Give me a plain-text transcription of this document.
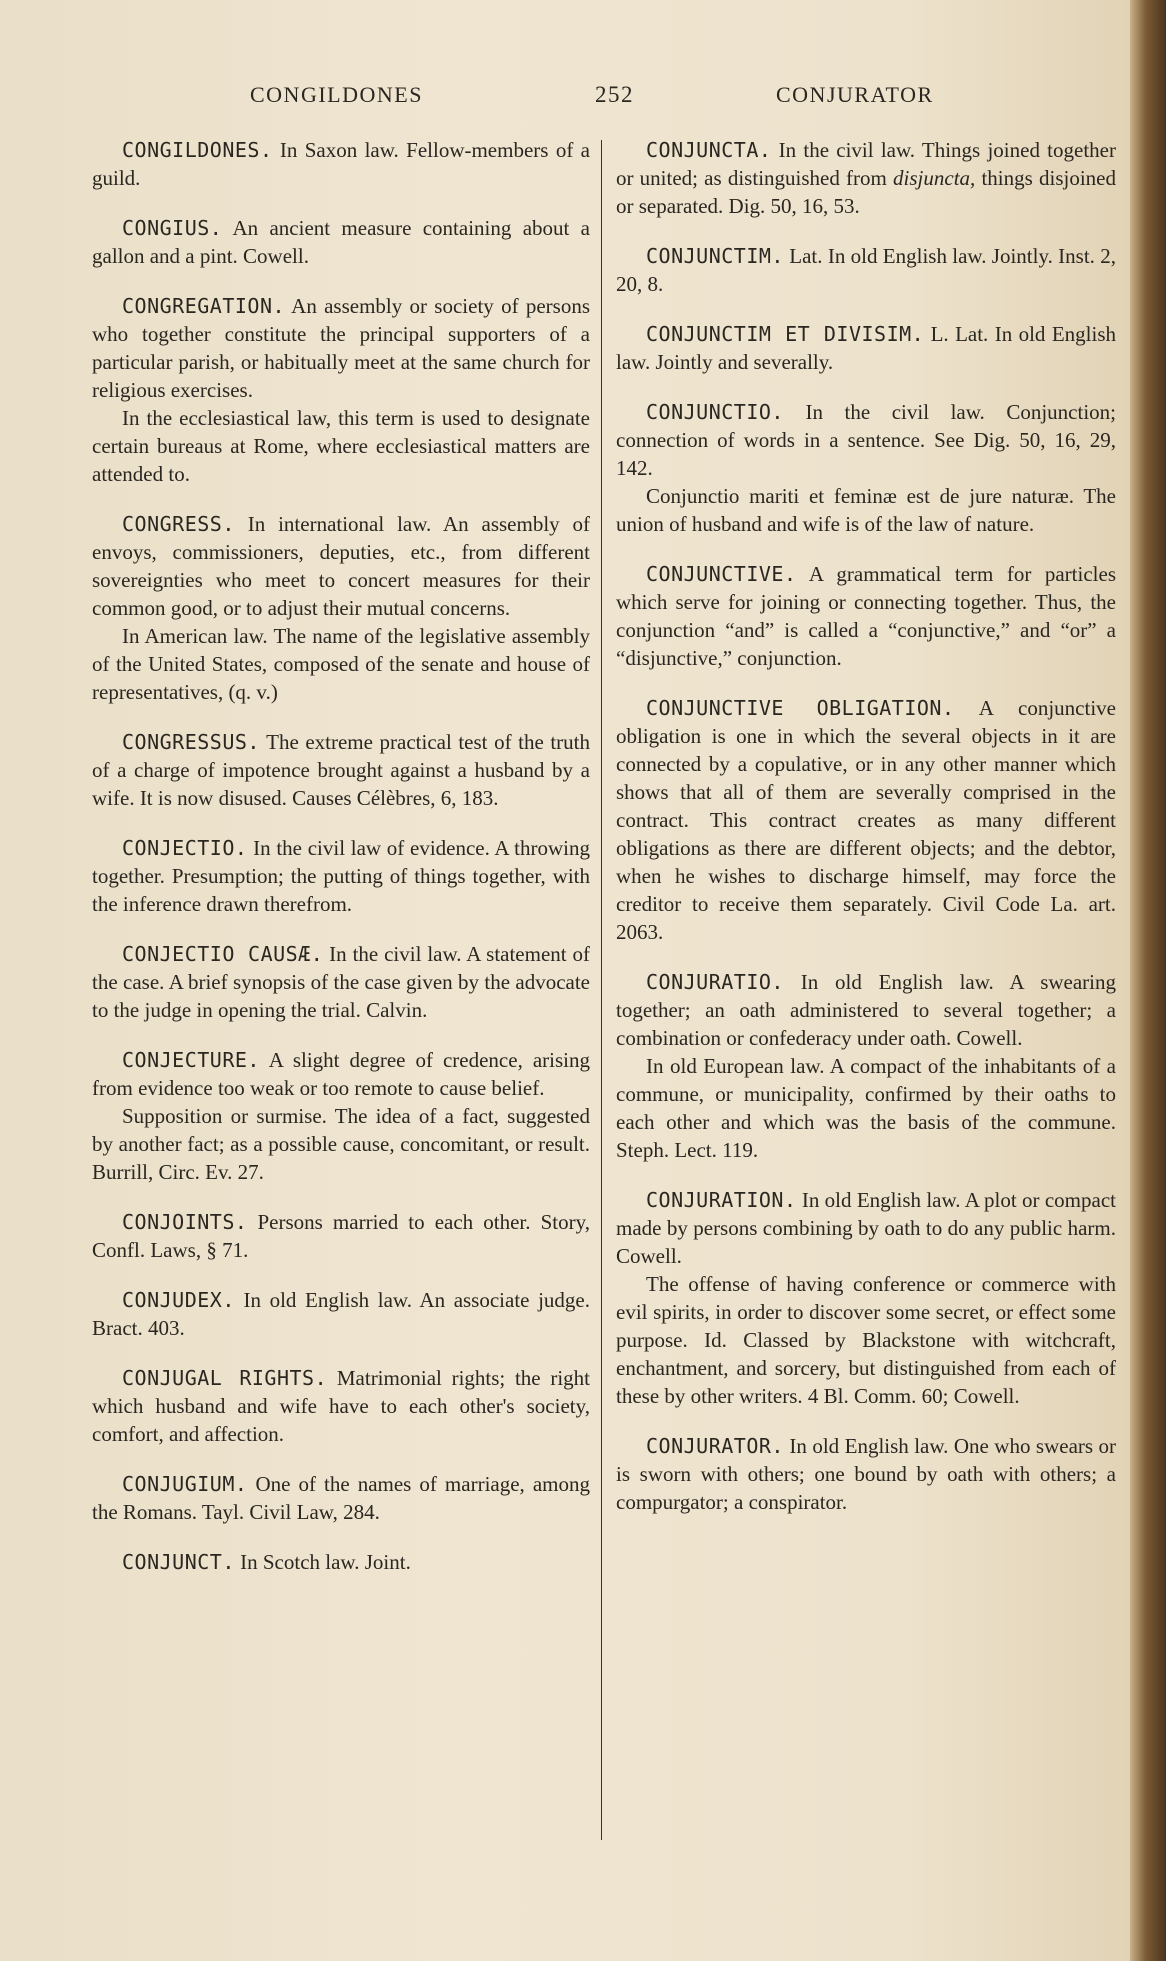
CONGILDONES	252	CONJURATOR

CONGILDONES. In Saxon law. Fellow-members of a guild.

CONGIUS. An ancient measure containing about a gallon and a pint. Cowell.

CONGREGATION. An assembly or society of persons who together constitute the principal supporters of a particular parish, or habitually meet at the same church for religious exercises.

In the ecclesiastical law, this term is used to designate certain bureaus at Rome, where ecclesiastical matters are attended to.

CONGRESS. In international law. An assembly of envoys, commissioners, deputies, etc., from different sovereignties who meet to concert measures for their common good, or to adjust their mutual concerns.

In American law. The name of the legislative assembly of the United States, composed of the senate and house of representatives, (q. v.)

CONGRESSUS. The extreme practical test of the truth of a charge of impotence brought against a husband by a wife. It is now disused. Causes Célèbres, 6, 183.

CONJECTIO. In the civil law of evidence. A throwing together. Presumption; the putting of things together, with the inference drawn therefrom.

CONJECTIO CAUSÆ. In the civil law. A statement of the case. A brief synopsis of the case given by the advocate to the judge in opening the trial. Calvin.

CONJECTURE. A slight degree of credence, arising from evidence too weak or too remote to cause belief.

Supposition or surmise. The idea of a fact, suggested by another fact; as a possible cause, concomitant, or result. Burrill, Circ. Ev. 27.

CONJOINTS. Persons married to each other. Story, Confl. Laws, § 71.

CONJUDEX. In old English law. An associate judge. Bract. 403.

CONJUGAL RIGHTS. Matrimonial rights; the right which husband and wife have to each other's society, comfort, and affection.

CONJUGIUM. One of the names of marriage, among the Romans. Tayl. Civil Law, 284.

CONJUNCT. In Scotch law. Joint.

CONJUNCTA. In the civil law. Things joined together or united; as distinguished from disjuncta, things disjoined or separated. Dig. 50, 16, 53.

CONJUNCTIM. Lat. In old English law. Jointly. Inst. 2, 20, 8.

CONJUNCTIM ET DIVISIM. L. Lat. In old English law. Jointly and severally.

CONJUNCTIO. In the civil law. Conjunction; connection of words in a sentence. See Dig. 50, 16, 29, 142.

Conjunctio mariti et feminæ est de jure naturæ. The union of husband and wife is of the law of nature.

CONJUNCTIVE. A grammatical term for particles which serve for joining or connecting together. Thus, the conjunction “and” is called a “conjunctive,” and “or” a “disjunctive,” conjunction.

CONJUNCTIVE OBLIGATION. A conjunctive obligation is one in which the several objects in it are connected by a copulative, or in any other manner which shows that all of them are severally comprised in the contract. This contract creates as many different obligations as there are different objects; and the debtor, when he wishes to discharge himself, may force the creditor to receive them separately. Civil Code La. art. 2063.

CONJURATIO. In old English law. A swearing together; an oath administered to several together; a combination or confederacy under oath. Cowell.

In old European law. A compact of the inhabitants of a commune, or municipality, confirmed by their oaths to each other and which was the basis of the commune. Steph. Lect. 119.

CONJURATION. In old English law. A plot or compact made by persons combining by oath to do any public harm. Cowell.

The offense of having conference or commerce with evil spirits, in order to discover some secret, or effect some purpose. Id. Classed by Blackstone with witchcraft, enchantment, and sorcery, but distinguished from each of these by other writers. 4 Bl. Comm. 60; Cowell.

CONJURATOR. In old English law. One who swears or is sworn with others; one bound by oath with others; a compurgator; a conspirator.
